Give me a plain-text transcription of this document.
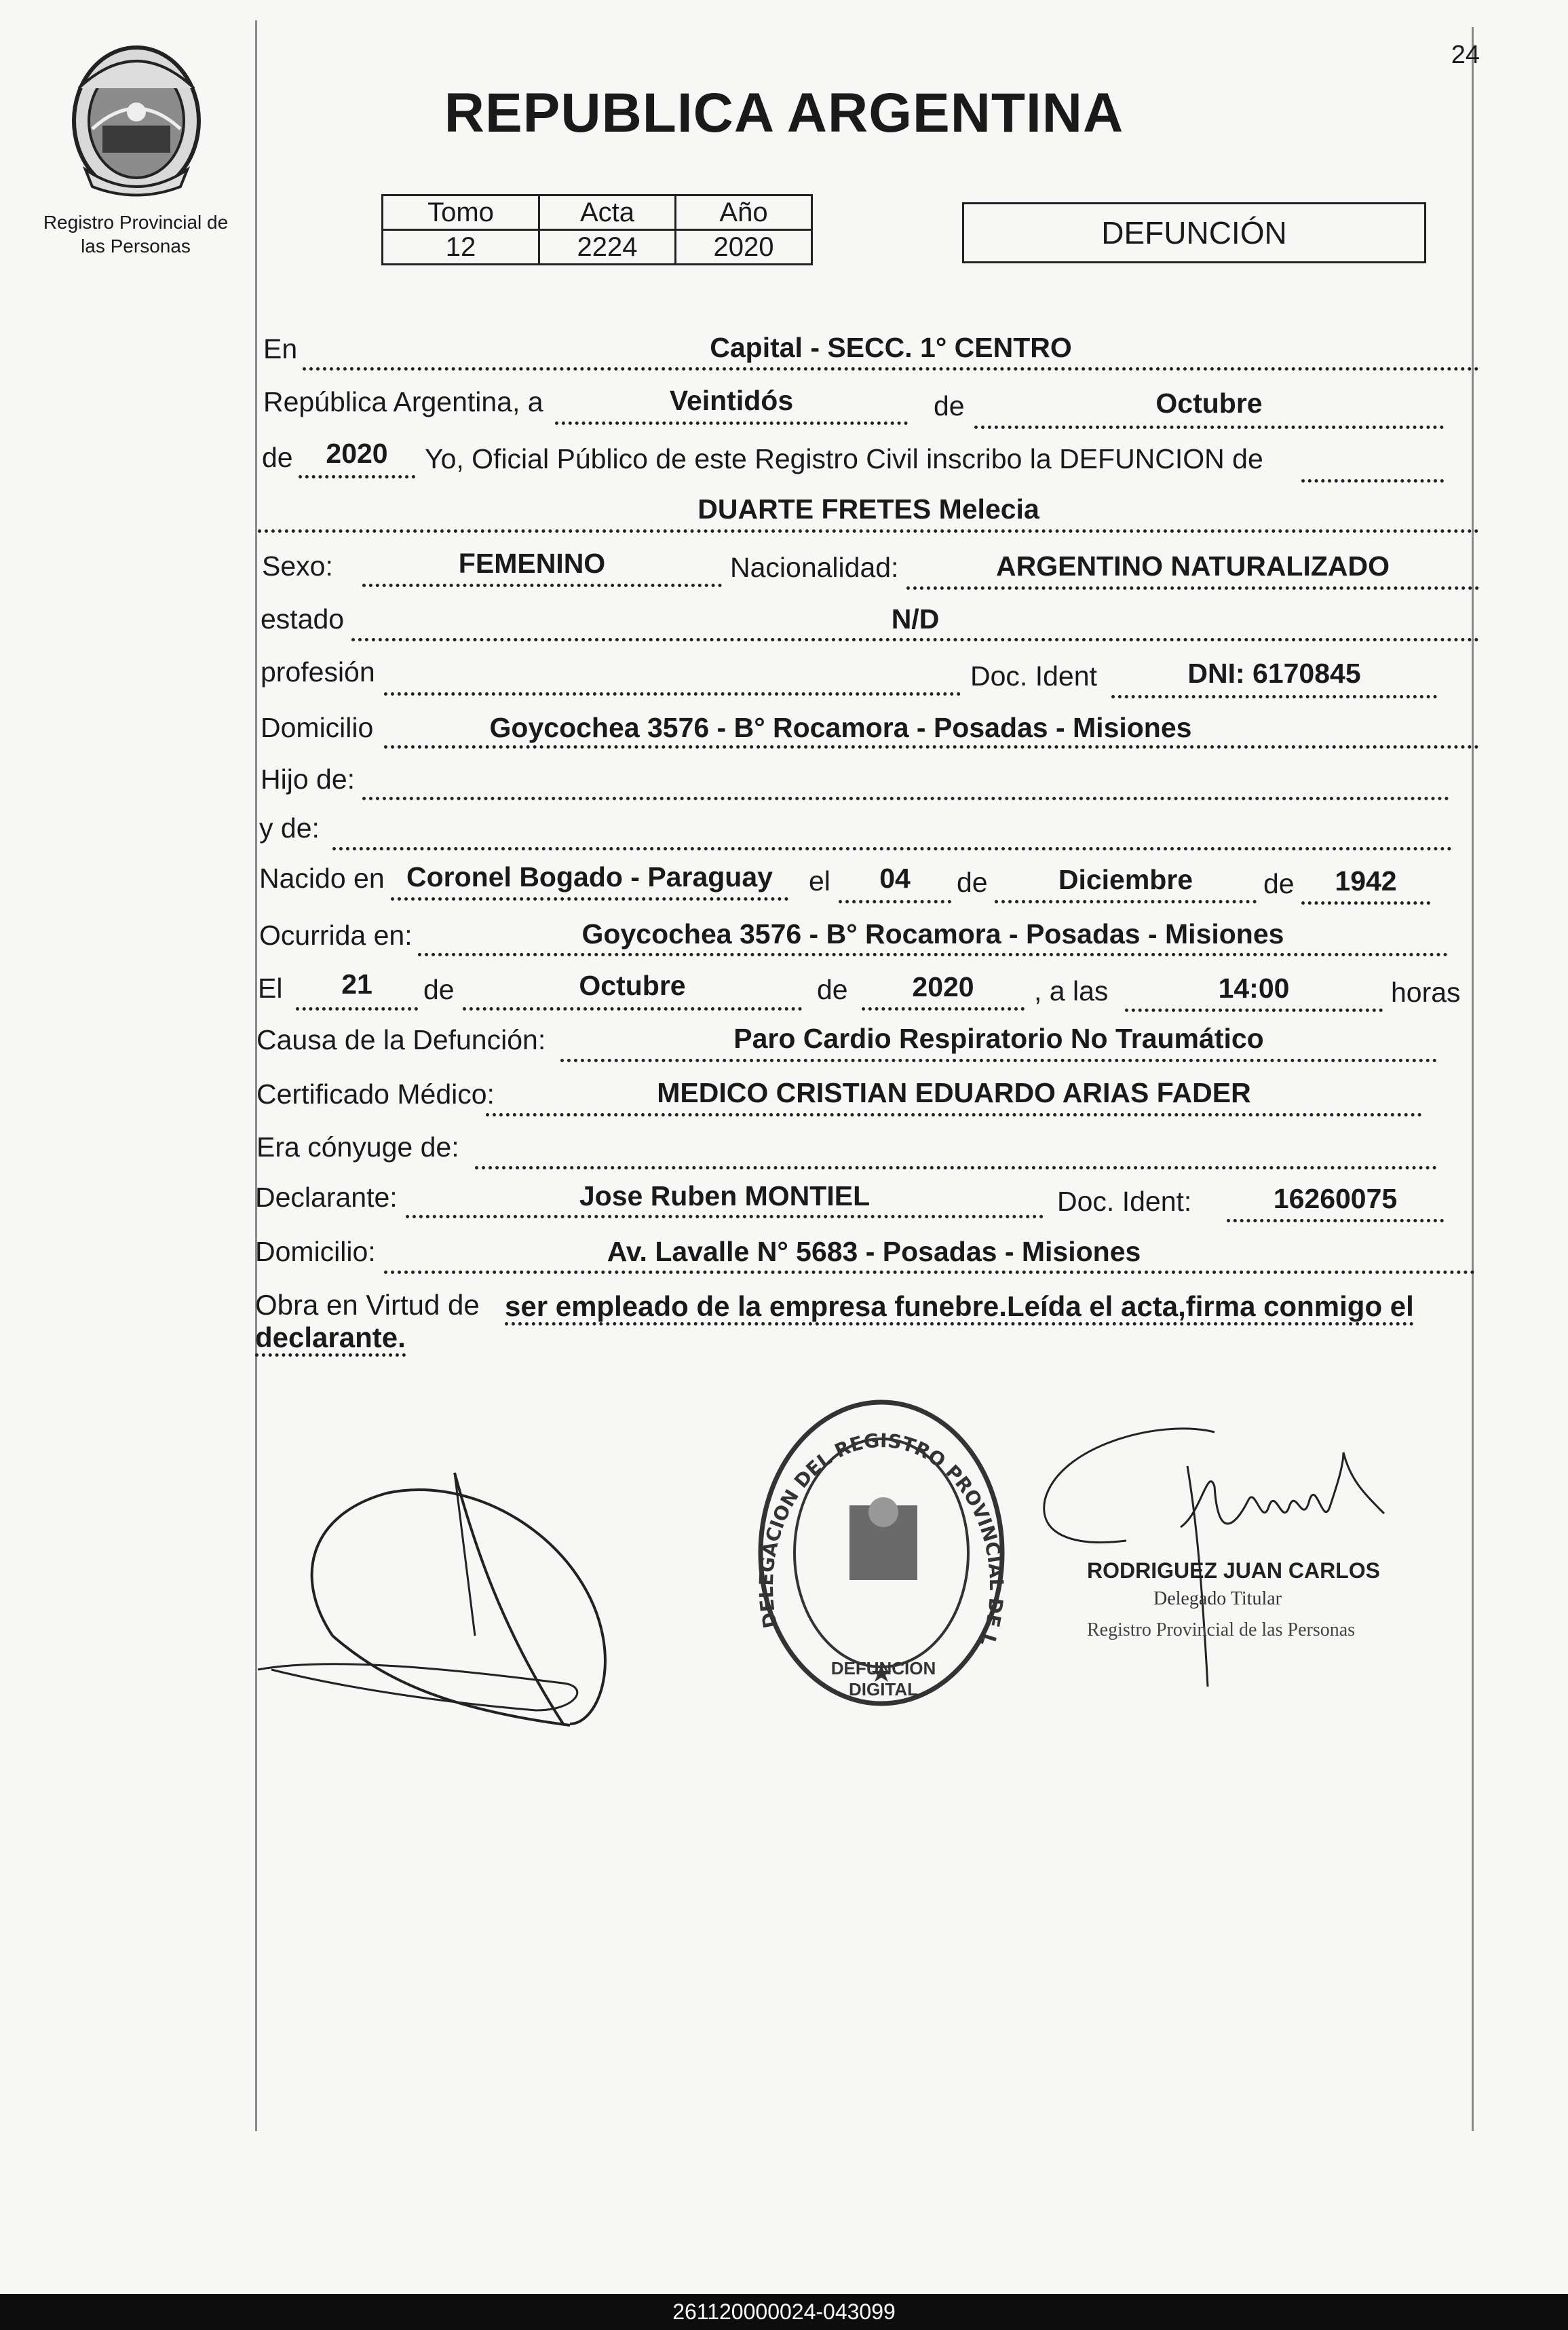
Registro Provincial de
las Personas
24
REPUBLICA ARGENTINA
Tomo	Acta	Año
12	2224	2020	DEFUNCIÓN
En	Capital - SECC. 1° CENTRO
República Argentina, a	Veintidós	de	Octubre
de	2020	Yo, Oficial Público de este Registro Civil inscribo la DEFUNCION de
DUARTE FRETES Melecia
Sexo:	FEMENINO	Nacionalidad:	ARGENTINO NATURALIZADO
estado	N/D
profesión	Doc. Ident	DNI: 6170845
Domicilio	Goycochea 3576 - B° Rocamora - Posadas - Misiones
Hijo de:
y de:
Nacido en Coronel Bogado - Paraguay	el	04	de	Diciembre	de	1942
Ocurrida en:	Goycochea 3576 - B° Rocamora - Posadas - Misiones
El	21	de	Octubre	de	2020	, a las	14:00	horas
Causa de la Defunción:	Paro Cardio Respiratorio No Traumático
Certificado Médico:	MEDICO CRISTIAN EDUARDO ARIAS FADER
Era cónyuge de:
Declarante:	Jose Ruben MONTIEL	Doc. Ident:	16260075
Domicilio:	Av. Lavalle N° 5683 - Posadas - Misiones
Obra en Virtud de ser empleado de la empresa funebre.Leída el acta,firma conmigo el
declarante.
DELEGACION DEL REGISTRO PROVINCIAL DE L
DEFUNCION DIGITAL
RODRIGUEZ JUAN CARLOS
Delegado Titular
Registro Provincial de las Personas
261120000024-043099
